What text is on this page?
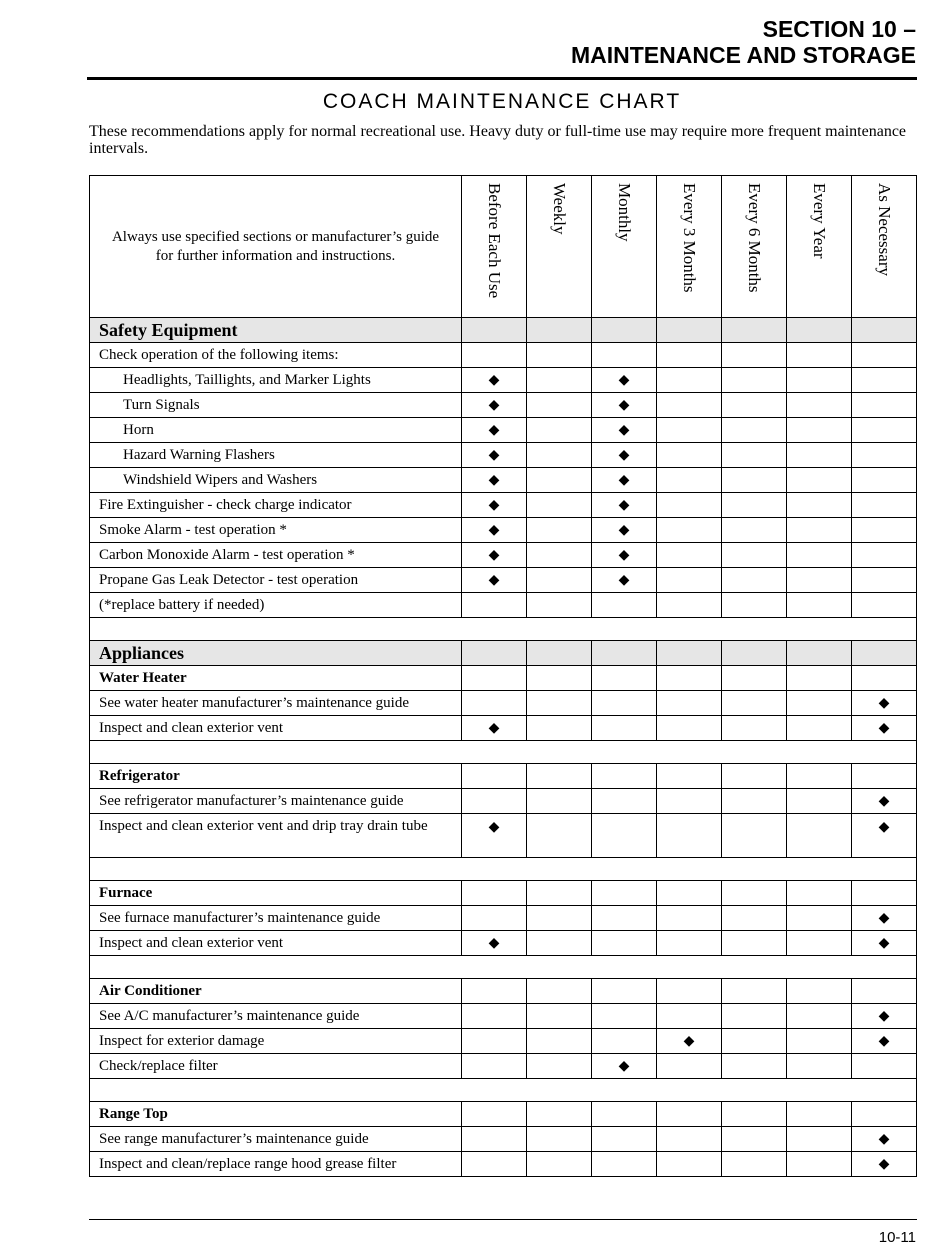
SECTION 10 –
MAINTENANCE AND STORAGE
COACH MAINTENANCE CHART
These recommendations apply for normal recreational use. Heavy duty or full-time use may require more frequent maintenance intervals.
Always use specified sections or manufacturer’s guide for further information and instructions.	Before Each Use	Weekly	Monthly	Every 3 Months	Every 6 Months	Every Year	As Necessary
Safety Equipment							
Check operation of the following items:							
Headlights, Taillights, and Marker Lights	◆		◆				
Turn Signals	◆		◆				
Horn	◆		◆				
Hazard Warning Flashers	◆		◆				
Windshield Wipers and Washers	◆		◆				
Fire Extinguisher - check charge indicator	◆		◆				
Smoke Alarm - test operation *	◆		◆				
Carbon Monoxide Alarm - test operation *	◆		◆				
Propane Gas Leak Detector - test operation	◆		◆				
(*replace battery if needed)							

Appliances							
Water Heater							
See water heater manufacturer’s maintenance guide							◆
Inspect and clean exterior vent	◆						◆

Refrigerator							
See refrigerator manufacturer’s maintenance guide							◆
Inspect and clean exterior vent and drip tray drain tube	◆						◆

Furnace							
See furnace manufacturer’s maintenance guide							◆
Inspect and clean exterior vent	◆						◆

Air Conditioner							
See A/C manufacturer’s maintenance guide							◆
Inspect for exterior damage				◆			◆
Check/replace filter			◆				

Range Top							
See range manufacturer’s maintenance guide							◆
Inspect and clean/replace range hood grease filter							◆
10-11
